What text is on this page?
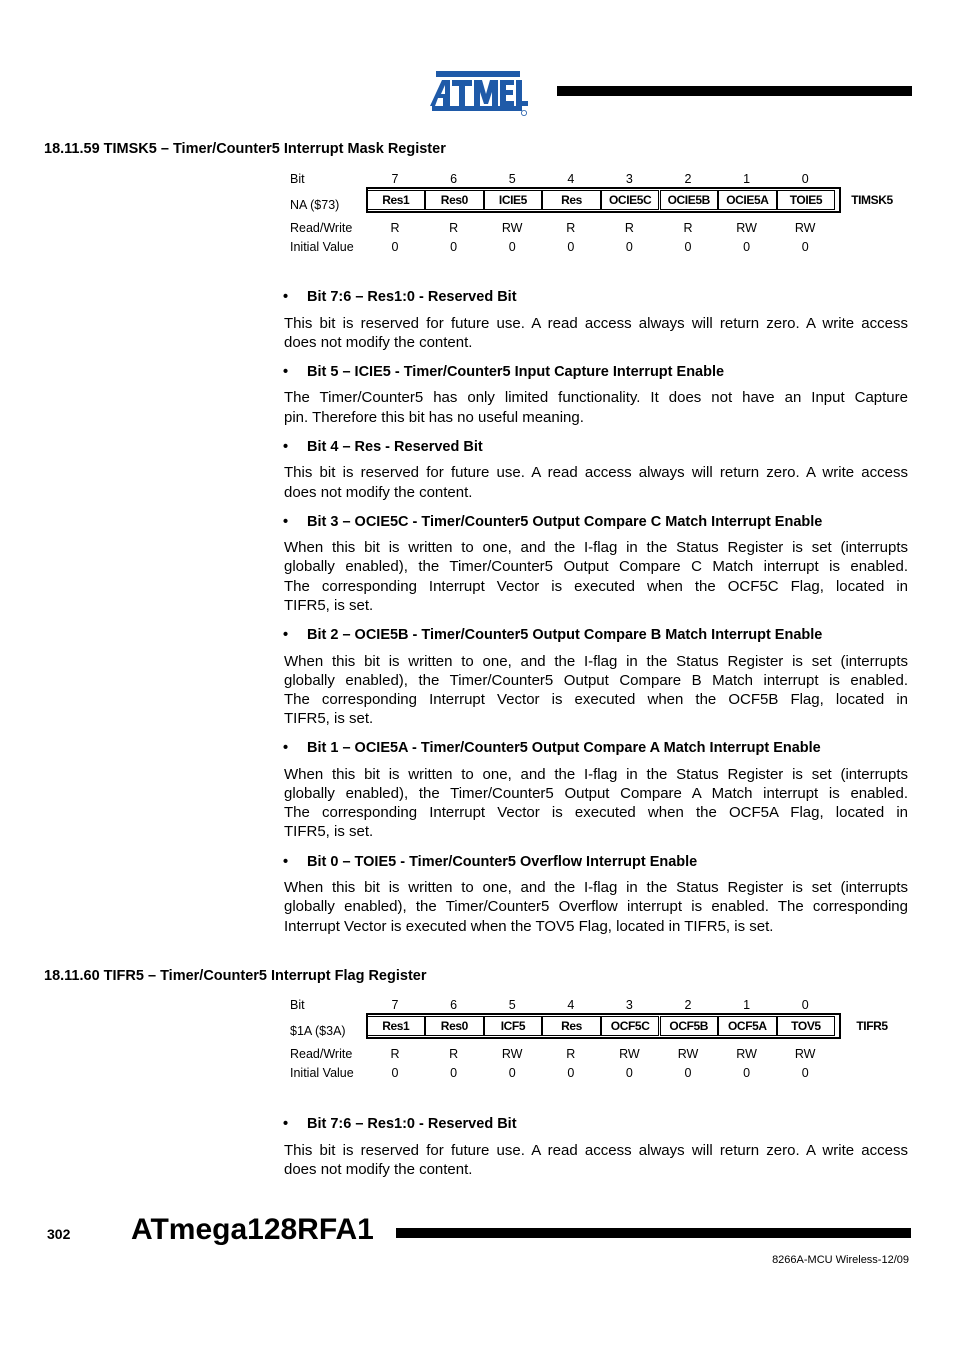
18.11.59 TIMSK5 – Timer/Counter5 Interrupt Mask Register
Bit
NA ($73)
Read/Write
Initial Value
7
Res1
R
0
6
Res0
R
0
5
ICIE5
RW
0
4
Res
R
0
3
OCIE5C
R
0
2
OCIE5B
R
0
1
OCIE5A
RW
0
0
TOIE5
RW
0
TIMSK5
18.11.60 TIFR5 – Timer/Counter5 Interrupt Flag Register
Bit
$1A ($3A)
Read/Write
Initial Value
7
Res1
R
0
6
Res0
R
0
5
ICF5
RW
0
4
Res
R
0
3
OCF5C
RW
0
2
OCF5B
RW
0
1
OCF5A
RW
0
0
TOV5
RW
0
TIFR5
302 ATmega128RFA1
8266A-MCU Wireless-12/09
• Bit 7:6 – Res1:0 - Reserved Bit
This bit is reserved for future use. A read access always will return zero. A write access
does not modify the content.
• Bit 5 – ICIE5 - Timer/Counter5 Input Capture Interrupt Enable
The Timer/Counter5 has only limited functionality. It does not have an Input Capture
pin. Therefore this bit has no useful meaning.
• Bit 4 – Res - Reserved Bit
This bit is reserved for future use. A read access always will return zero. A write access
does not modify the content.
• Bit 3 – OCIE5C - Timer/Counter5 Output Compare C Match Interrupt Enable
When this bit is written to one, and the I-flag in the Status Register is set (interrupts
globally enabled), the Timer/Counter5 Output Compare C Match interrupt is enabled.
The corresponding Interrupt Vector is executed when the OCF5C Flag, located in
TIFR5, is set.
• Bit 2 – OCIE5B - Timer/Counter5 Output Compare B Match Interrupt Enable
When this bit is written to one, and the I-flag in the Status Register is set (interrupts
globally enabled), the Timer/Counter5 Output Compare B Match interrupt is enabled.
The corresponding Interrupt Vector is executed when the OCF5B Flag, located in
TIFR5, is set.
• Bit 1 – OCIE5A - Timer/Counter5 Output Compare A Match Interrupt Enable
When this bit is written to one, and the I-flag in the Status Register is set (interrupts
globally enabled), the Timer/Counter5 Output Compare A Match interrupt is enabled.
The corresponding Interrupt Vector is executed when the OCF5A Flag, located in
TIFR5, is set.
• Bit 0 – TOIE5 - Timer/Counter5 Overflow Interrupt Enable
When this bit is written to one, and the I-flag in the Status Register is set (interrupts
globally enabled), the Timer/Counter5 Overflow interrupt is enabled. The corresponding
Interrupt Vector is executed when the TOV5 Flag, located in TIFR5, is set.
• Bit 7:6 – Res1:0 - Reserved Bit
This bit is reserved for future use. A read access always will return zero. A write access
does not modify the content.
